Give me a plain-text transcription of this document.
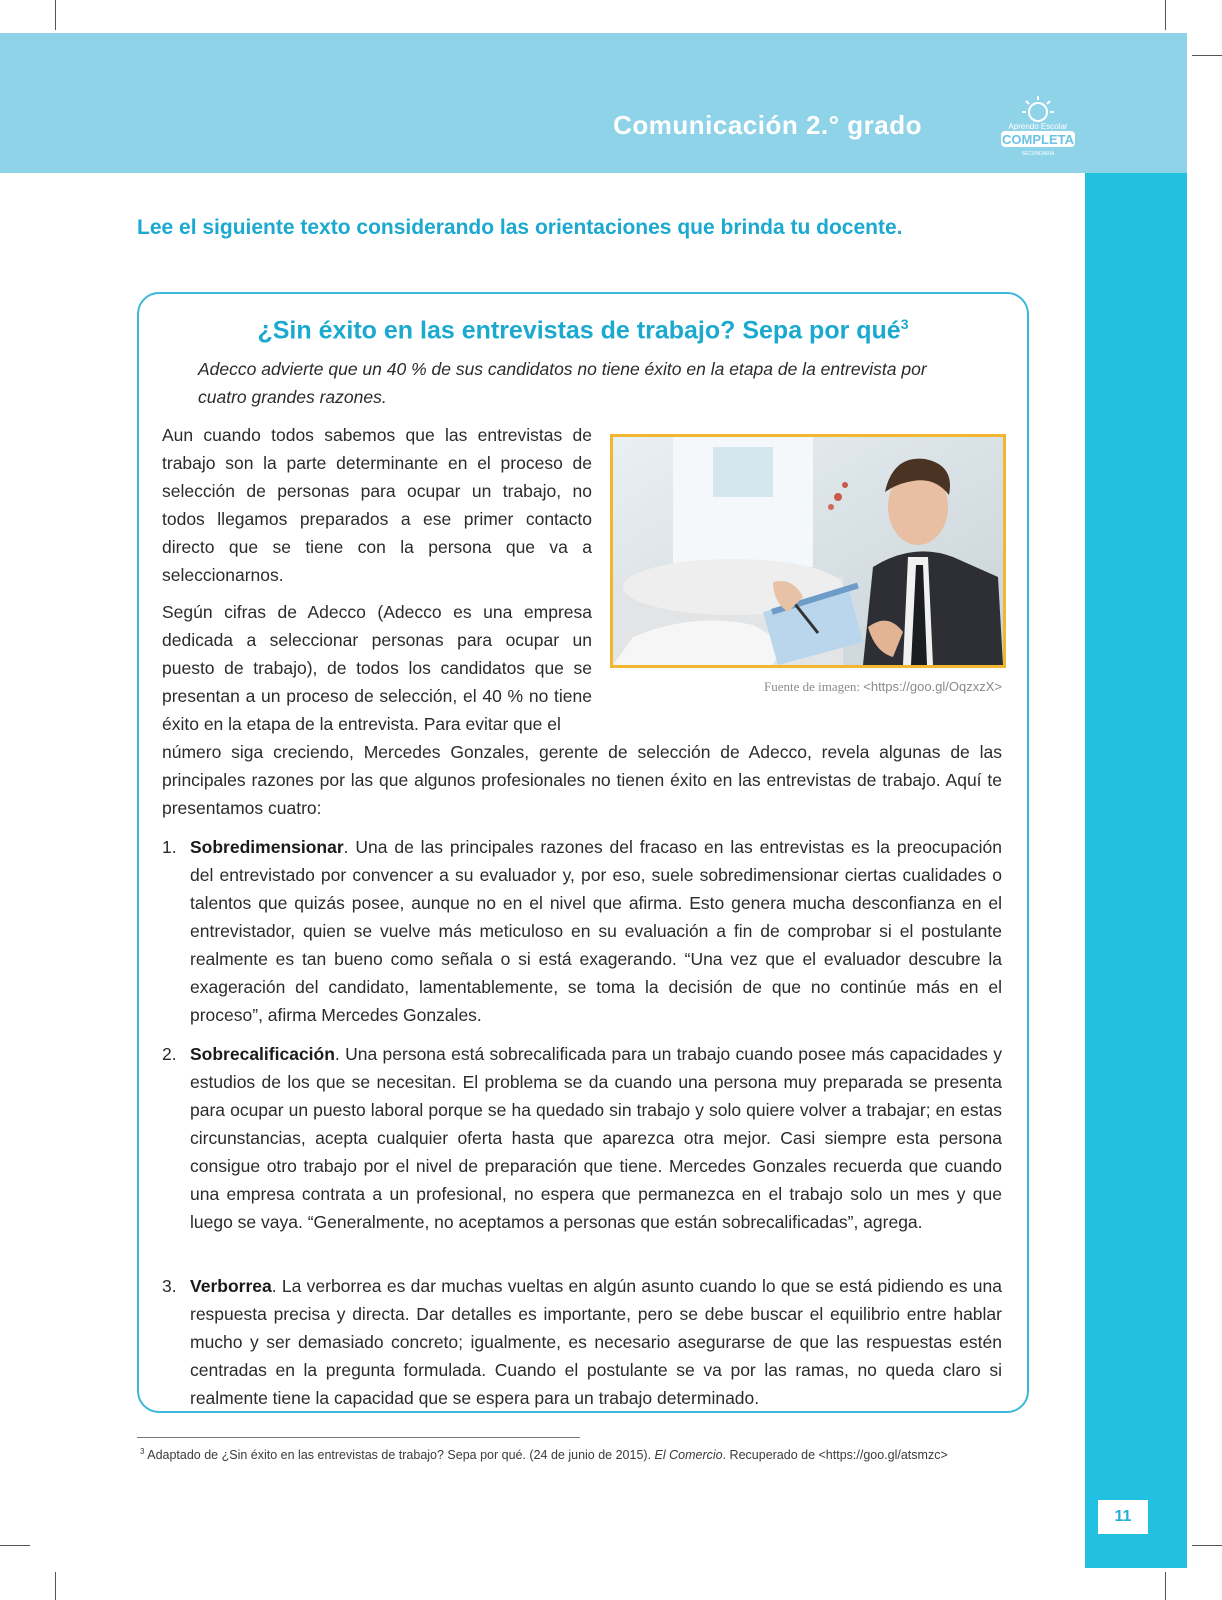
Comunicación 2.° grado	Aprendo Escolar
COMPLETA
SECUNDARIA
11
Lee el siguiente texto considerando las orientaciones que brinda tu docente.
¿Sin éxito en las entrevistas de trabajo? Sepa por qué$^3$
Adecco advierte que un 40 % de sus candidatos no tiene éxito en la etapa de la entrevista por cuatro grandes razones.
Aun cuando todos sabemos que las entrevistas de trabajo son la parte determinante en el proceso de selección de personas para ocupar un trabajo, no todos llegamos preparados a ese primer contacto directo que se tiene con la persona que va a seleccionarnos.
Según cifras de Adecco (Adecco es una empresa dedicada a seleccionar personas para ocupar un puesto de trabajo), de todos los candidatos que se presentan a un proceso de selección, el 40 % no tiene éxito en la etapa de la entrevista. Para evitar que el
número siga creciendo, Mercedes Gonzales, gerente de selección de Adecco, revela algunas de las principales razones por las que algunos profesionales no tienen éxito en las entrevistas de trabajo. Aquí te presentamos cuatro:
Fuente de imagen: <https://goo.gl/OqzxzX>
1. Sobredimensionar. Una de las principales razones del fracaso en las entrevistas es la preocupación del entrevistado por convencer a su evaluador y, por eso, suele sobredimensionar ciertas cualidades o talentos que quizás posee, aunque no en el nivel que afirma. Esto genera mucha desconfianza en el entrevistador, quien se vuelve más meticuloso en su evaluación a fin de comprobar si el postulante realmente es tan bueno como señala o si está exagerando. “Una vez que el evaluador descubre la exageración del candidato, lamentablemente, se toma la decisión de que no continúe más en el proceso”, afirma Mercedes Gonzales.
2. Sobrecalificación. Una persona está sobrecalificada para un trabajo cuando posee más capacidades y estudios de los que se necesitan. El problema se da cuando una persona muy preparada se presenta para ocupar un puesto laboral porque se ha quedado sin trabajo y solo quiere volver a trabajar; en estas circunstancias, acepta cualquier oferta hasta que aparezca otra mejor. Casi siempre esta persona consigue otro trabajo por el nivel de preparación que tiene. Mercedes Gonzales recuerda que cuando una empresa contrata a un profesional, no espera que permanezca en el trabajo solo un mes y que luego se vaya. “Generalmente, no aceptamos a personas que están sobrecalificadas”, agrega.
3. Verborrea. La verborrea es dar muchas vueltas en algún asunto cuando lo que se está pidiendo es una respuesta precisa y directa. Dar detalles es importante, pero se debe buscar el equilibrio entre hablar mucho y ser demasiado concreto; igualmente, es necesario asegurarse de que las respuestas estén centradas en la pregunta formulada. Cuando el postulante se va por las ramas, no queda claro si realmente tiene la capacidad que se espera para un trabajo determinado.
$^3$ Adaptado de ¿Sin éxito en las entrevistas de trabajo? Sepa por qué. (24 de junio de 2015). El Comercio. Recuperado de <https://goo.gl/atsmzc>
